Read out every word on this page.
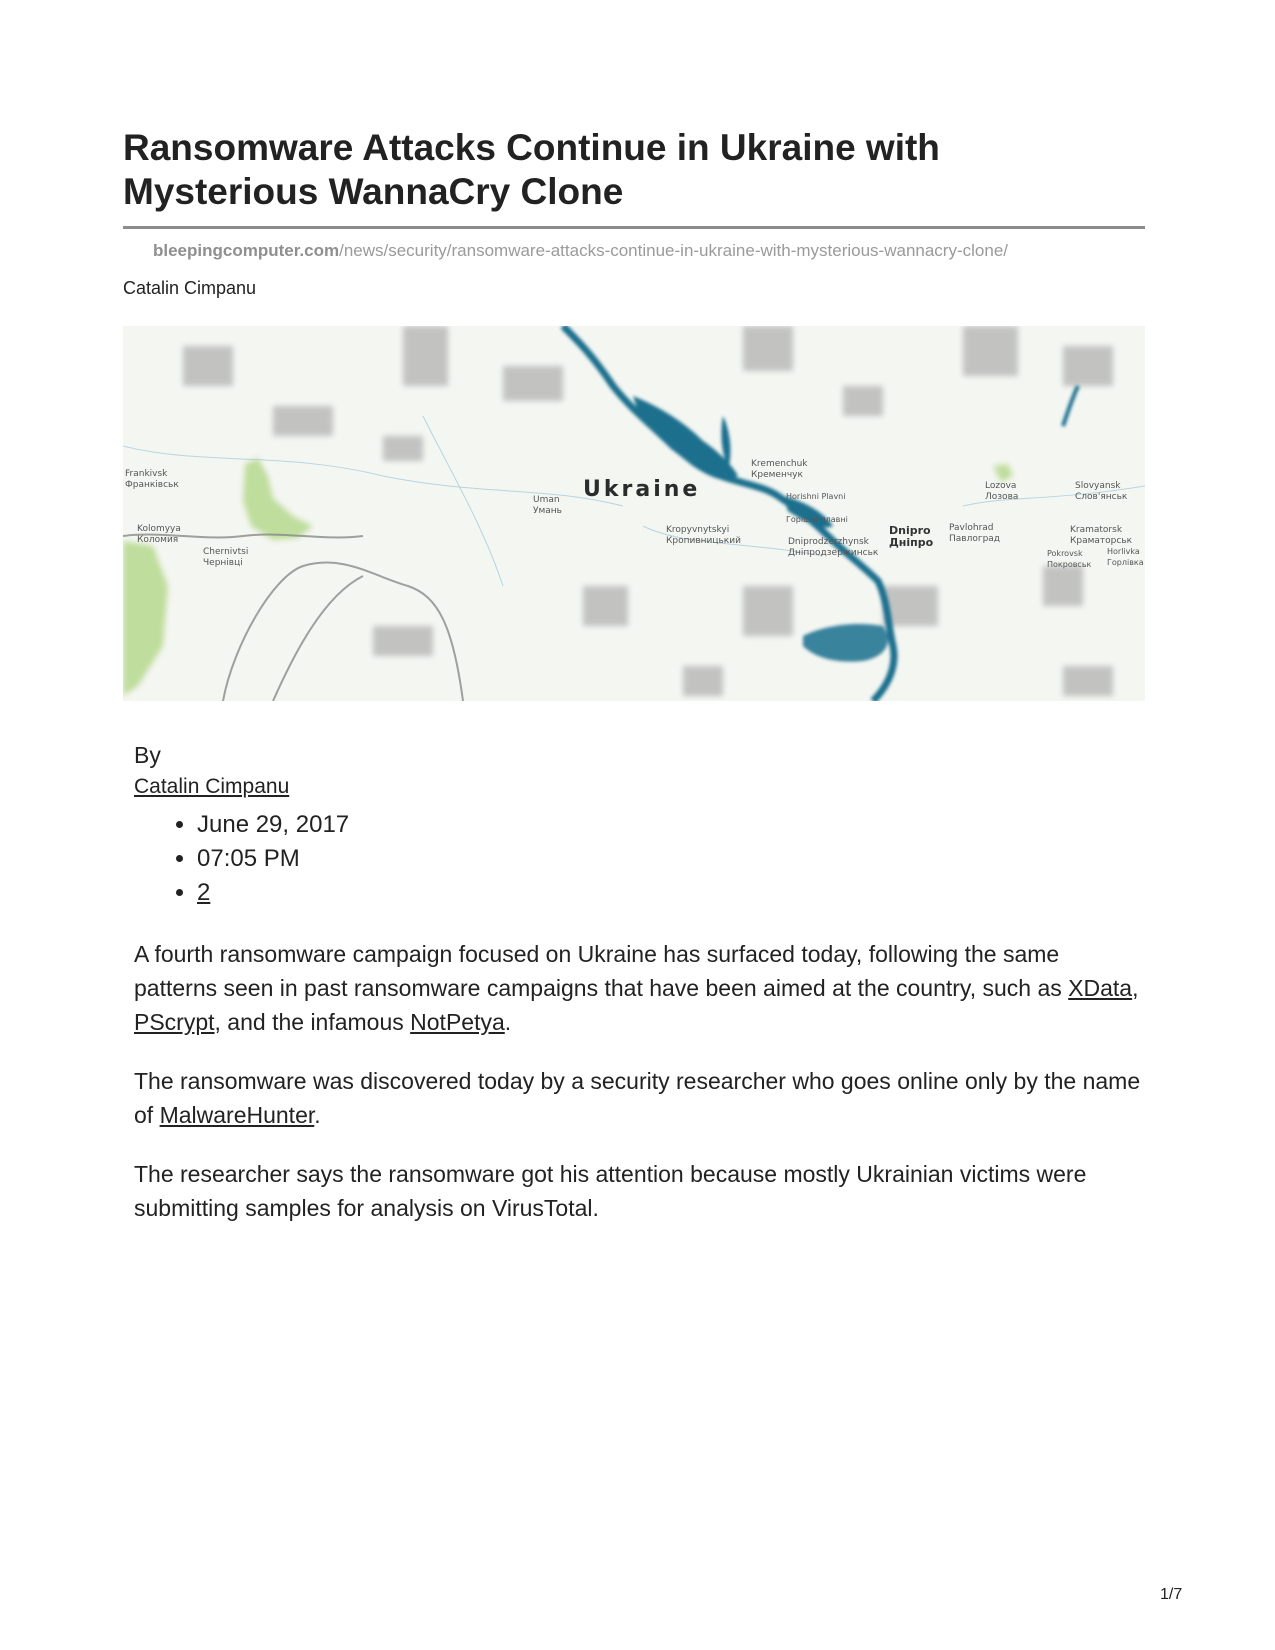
Ransomware Attacks Continue in Ukraine with Mysterious WannaCry Clone
bleepingcomputer.com/news/security/ransomware-attacks-continue-in-ukraine-with-mysterious-wannacry-clone/
Catalin Cimpanu
Ukraine
Frankivsk
Франківськ
Kolomyya
Коломия
Chernivtsi
Чернівці
Uman
Умань
Kropyvnytskyi
Кропивницький
Kremenchuk
Кременчук
Horishni Plavni
Горішні плавні
Dniprodzerzhynsk
Дніпродзержинськ
Dnipro
Дніпро
Pavlohrad
Павлоград
Lozova
Лозова
Slovyansk
Слов'янськ
Kramatorsk
Краматорськ
Pokrovsk
Покровськ
Horlivka
Горлівка
By
Catalin Cimpanu
• June 29, 2017
• 07:05 PM
• 2

A fourth ransomware campaign focused on Ukraine has surfaced today, following the same patterns seen in past ransomware campaigns that have been aimed at the country, such as XData, PScrypt, and the infamous NotPetya.

The ransomware was discovered today by a security researcher who goes online only by the name of MalwareHunter.

The researcher says the ransomware got his attention because mostly Ukrainian victims were submitting samples for analysis on VirusTotal.

1/7
